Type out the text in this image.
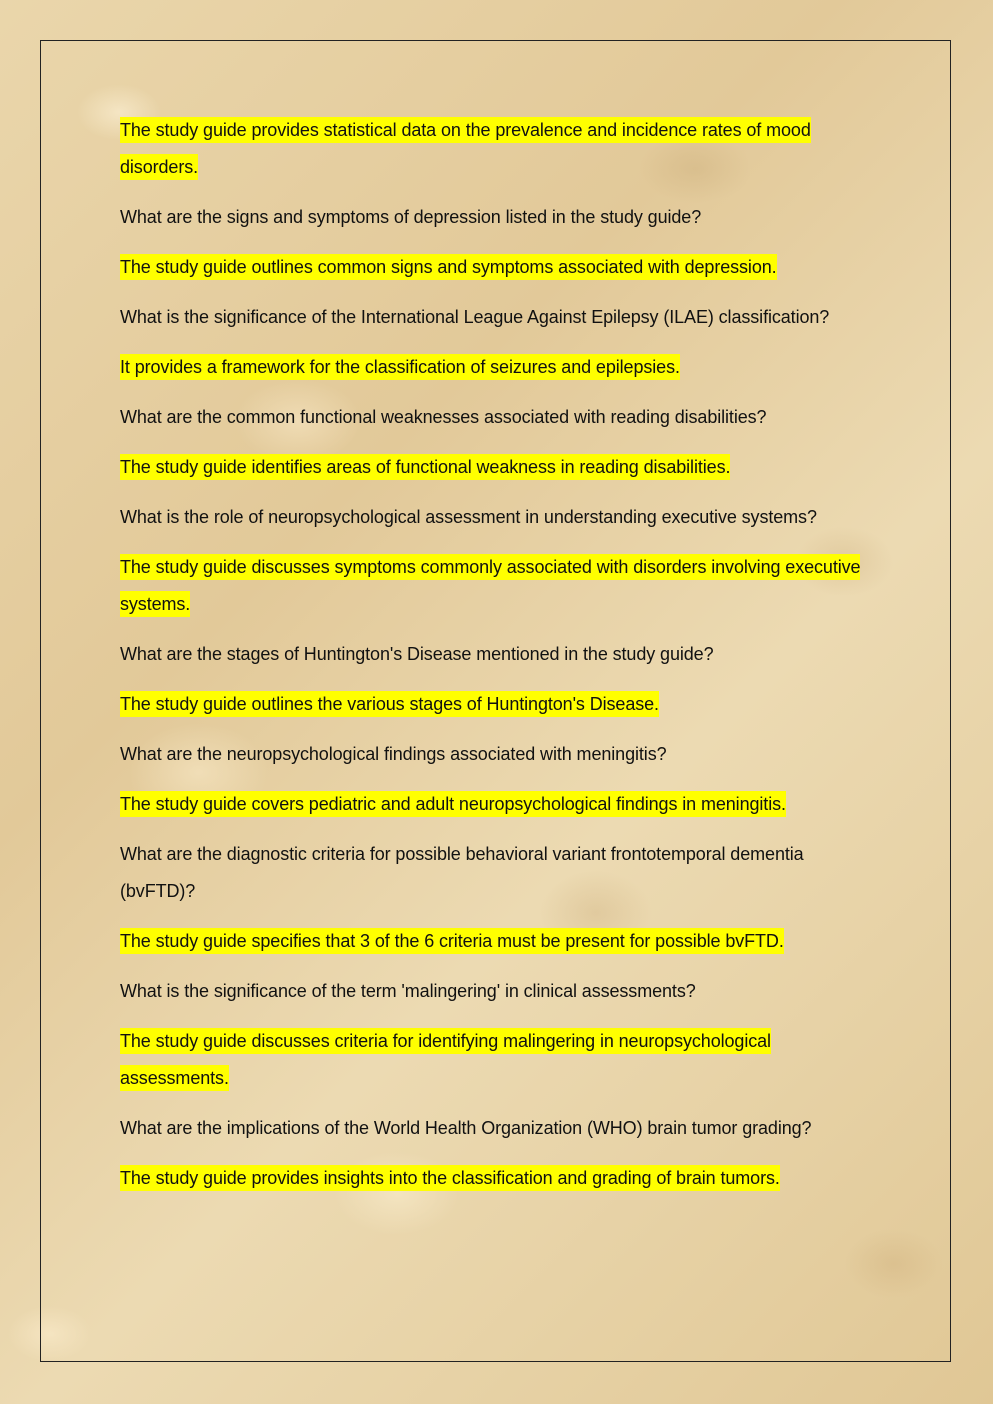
The study guide provides statistical data on the prevalence and incidence rates of mood disorders.

What are the signs and symptoms of depression listed in the study guide?

The study guide outlines common signs and symptoms associated with depression.

What is the significance of the International League Against Epilepsy (ILAE) classification?

It provides a framework for the classification of seizures and epilepsies.

What are the common functional weaknesses associated with reading disabilities?

The study guide identifies areas of functional weakness in reading disabilities.

What is the role of neuropsychological assessment in understanding executive systems?

The study guide discusses symptoms commonly associated with disorders involving executive systems.

What are the stages of Huntington's Disease mentioned in the study guide?

The study guide outlines the various stages of Huntington's Disease.

What are the neuropsychological findings associated with meningitis?

The study guide covers pediatric and adult neuropsychological findings in meningitis.

What are the diagnostic criteria for possible behavioral variant frontotemporal dementia (bvFTD)?

The study guide specifies that 3 of the 6 criteria must be present for possible bvFTD.

What is the significance of the term 'malingering' in clinical assessments?

The study guide discusses criteria for identifying malingering in neuropsychological assessments.

What are the implications of the World Health Organization (WHO) brain tumor grading?

The study guide provides insights into the classification and grading of brain tumors.
